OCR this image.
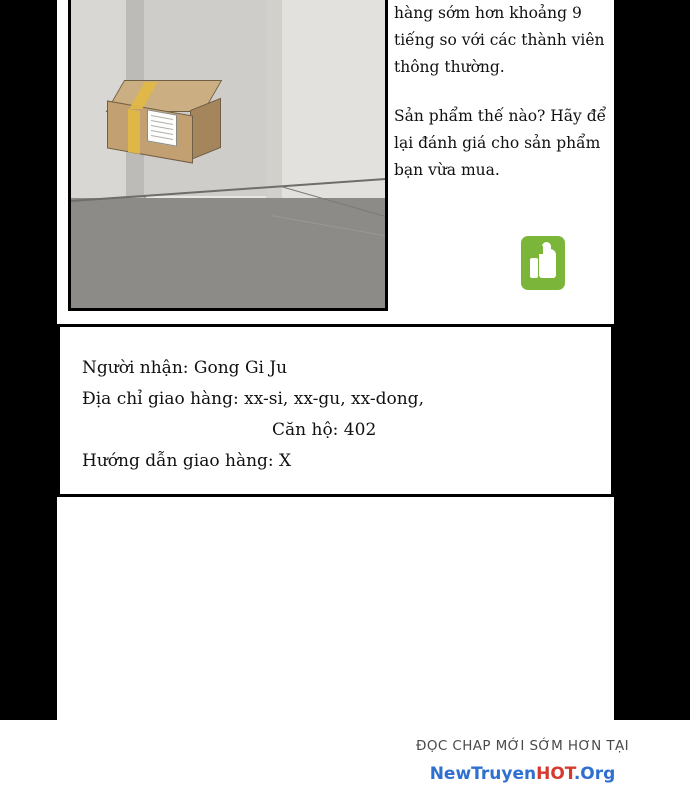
hàng sớm hơn khoảng 9 tiếng so với các thành viên thông thường.

Sản phẩm thế nào? Hãy để lại đánh giá cho sản phẩm bạn vừa mua.

Người nhận: Gong Gi Ju
Địa chỉ giao hàng: xx-si, xx-gu, xx-dong,
Căn hộ: 402
Hướng dẫn giao hàng: X
ĐỌC CHAP MỚI SỚM HƠN TẠI
NewTruyenHOT.Org
